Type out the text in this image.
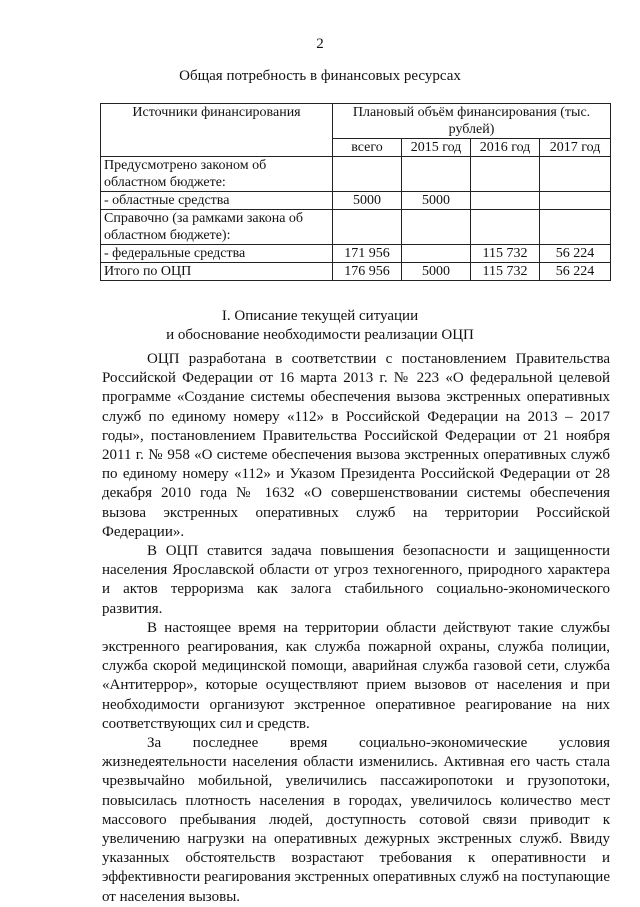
2
Общая потребность в финансовых ресурсах
Источники финансирования	Плановый объём финансирования (тыс. рублей)			
	всего	2015 год	2016 год	2017 год
Предусмотрено законом об областном бюджете:				
- областные средства	5000	5000		
Справочно (за рамками закона об областном бюджете):				
- федеральные средства	171 956		115 732	56 224
Итого по ОЦП	176 956	5000	115 732	56 224
I. Описание текущей ситуации
и обоснование необходимости реализации ОЦП

ОЦП разработана в соответствии с постановлением Правительства Российской Федерации от 16 марта 2013 г. № 223 «О федеральной целевой программе «Создание системы обеспечения вызова экстренных оперативных служб по единому номеру «112» в Российской Федерации на 2013 – 2017 годы», постановлением Правительства Российской Федерации от 21 ноября 2011 г. № 958 «О системе обеспечения вызова экстренных оперативных служб по единому номеру «112» и Указом Президента Российской Федерации от 28 декабря 2010 года № 1632 «О совершенствовании системы обеспечения вызова экстренных оперативных служб на территории Российской Федерации».

В ОЦП ставится задача повышения безопасности и защищенности населения Ярославской области от угроз техногенного, природного характера и актов терроризма как залога стабильного социально-экономического развития.

В настоящее время на территории области действуют такие службы экстренного реагирования, как служба пожарной охраны, служба полиции, служба скорой медицинской помощи, аварийная служба газовой сети, служба «Антитеррор», которые осуществляют прием вызовов от населения и при необходимости организуют экстренное оперативное реагирование на них соответствующих сил и средств.

За последнее время социально-экономические условия жизнедеятельности населения области изменились. Активная его часть стала чрезвычайно мобильной, увеличились пассажиропотоки и грузопотоки, повысилась плотность населения в городах, увеличилось количество мест массового пребывания людей, доступность сотовой связи приводит к увеличению нагрузки на оперативных дежурных экстренных служб. Ввиду указанных обстоятельств возрастают требования к оперативности и эффективности реагирования экстренных оперативных служб на поступающие от населения вызовы.
